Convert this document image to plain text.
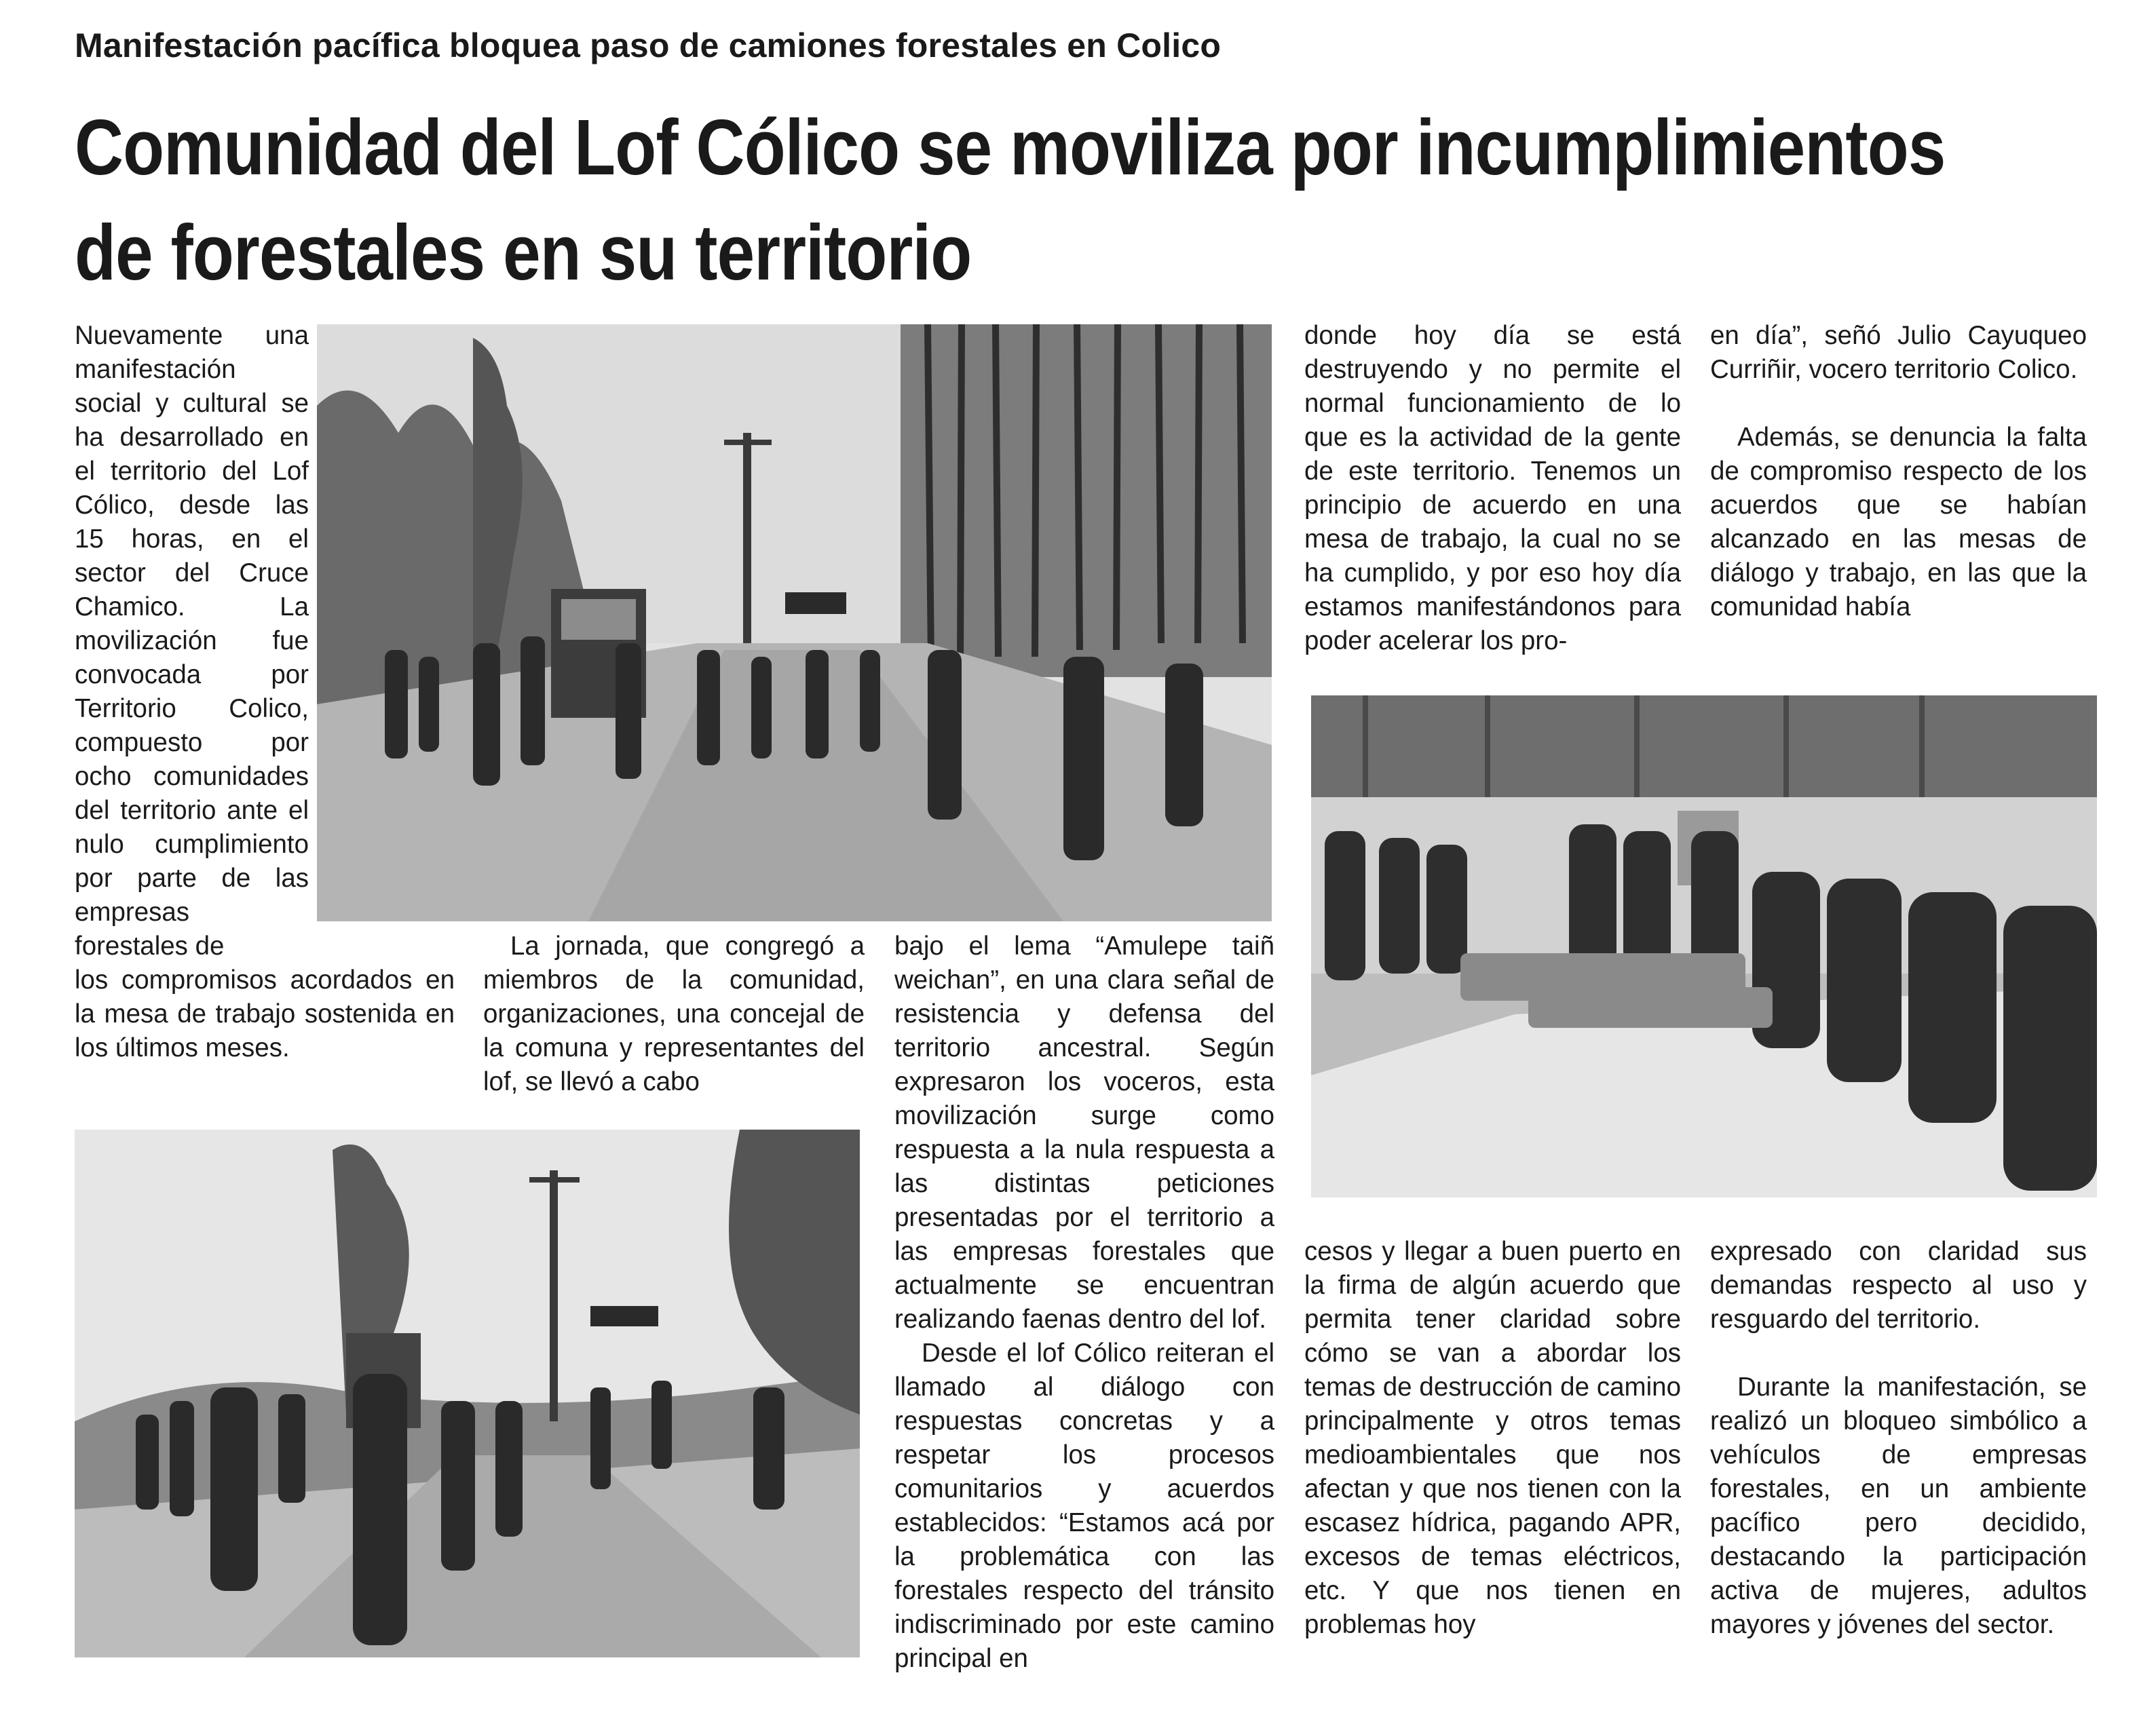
Manifestación pacífica bloquea paso de camiones forestales en Colico
Comunidad del Lof Cólico se moviliza por incumplimientos
de forestales en su territorio

Nuevamente una manifestación social y cultural se ha desarrollado en el territorio del Lof Cólico, desde las 15 horas, en el sector del Cruce Chamico. La movilización fue convocada por Territorio Colico, compuesto por ocho comunidades del territorio ante el nulo cumplimiento por parte de las empresas forestales de

los compromisos acordados en la mesa de trabajo sostenida en los últimos meses.

La jornada, que congregó a miembros de la comunidad, organizaciones, una concejal de la comuna y representantes del lof, se llevó a cabo

bajo el lema “Amulepe taiñ weichan”, en una clara señal de resistencia y defensa del territorio ancestral. Según expresaron los voceros, esta movilización surge como respuesta a la nula respuesta a las distintas peticiones presentadas por el territorio a las empresas forestales que actualmente se encuentran realizando faenas dentro del lof.

Desde el lof Cólico reiteran el llamado al diálogo con respuestas concretas y a respetar los procesos comunitarios y acuerdos establecidos: “Estamos acá por la problemática con las forestales respecto del tránsito indiscriminado por este camino principal en

donde hoy día se está destruyendo y no permite el normal funcionamiento de lo que es la actividad de la gente de este territorio. Tenemos un principio de acuerdo en una mesa de trabajo, la cual no se ha cumplido, y por eso hoy día estamos manifestándonos para poder acelerar los pro-

cesos y llegar a buen puerto en la firma de algún acuerdo que permita tener claridad sobre cómo se van a abordar los temas de destrucción de camino principalmente y otros temas medioambientales que nos afectan y que nos tienen con la escasez hídrica, pagando APR, excesos de temas eléctricos, etc. Y que nos tienen en problemas hoy

en día”, señó Julio Cayuqueo Curriñir, vocero territorio Colico.

Además, se denuncia la falta de compromiso respecto de los acuerdos que se habían alcanzado en las mesas de diálogo y trabajo, en las que la comunidad había

expresado con claridad sus demandas respecto al uso y resguardo del territorio.

Durante la manifestación, se realizó un bloqueo simbólico a vehículos de empresas forestales, en un ambiente pacífico pero decidido, destacando la participación activa de mujeres, adultos mayores y jóvenes del sector.
